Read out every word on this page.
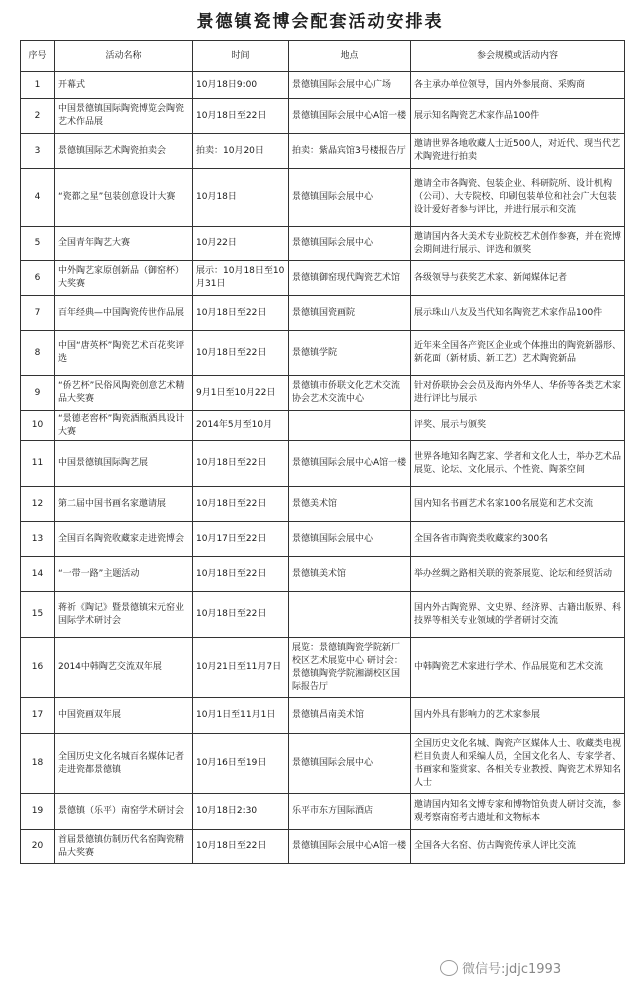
景德镇瓷博会配套活动安排表
序号	活动名称	时间	地点	参会规模或活动内容
1	开幕式	10月18日9:00	景德镇国际会展中心广场	各主承办单位领导，国内外参展商、采购商
2	中国景德镇国际陶瓷博览会陶瓷艺术作品展	10月18日至22日	景德镇国际会展中心A馆一楼	展示知名陶瓷艺术家作品100件
3	景德镇国际艺术陶瓷拍卖会	拍卖：10月20日	拍卖：紫晶宾馆3号楼报告厅	邀请世界各地收藏人士近500人，对近代、现当代艺术陶瓷进行拍卖
4	“瓷都之星”包装创意设计大赛	10月18日	景德镇国际会展中心	邀请全市各陶瓷、包装企业、科研院所、设计机构（公司）、大专院校、印刷包装单位和社会广大包装设计爱好者参与评比，并进行展示和交流
5	全国青年陶艺大赛	10月22日	景德镇国际会展中心	邀请国内各大美术专业院校艺术创作参赛，并在瓷博会期间进行展示、评选和颁奖
6	中外陶艺家原创新品（御窑杯）大奖赛	展示：10月18日至10月31日	景德镇御窑现代陶瓷艺术馆	各级领导与获奖艺术家、新闻媒体记者
7	百年经典—中国陶瓷传世作品展	10月18日至22日	景德镇国瓷画院	展示珠山八友及当代知名陶瓷艺术家作品100件
8	中国“唐英杯”陶瓷艺术百花奖评选	10月18日至22日	景德镇学院	近年来全国各产瓷区企业或个体推出的陶瓷新器形、新花面（新材质、新工艺）艺术陶瓷新品
9	“侨艺杯”民俗风陶瓷创意艺术精品大奖赛	9月1日至10月22日	景德镇市侨联文化艺术交流协会艺术交流中心	针对侨联协会会员及海内外华人、华侨等各类艺术家进行评比与展示
10	“景德老窖杯”陶瓷酒瓶酒具设计大赛	2014年5月至10月		评奖、展示与颁奖
11	中国景德镇国际陶艺展	10月18日至22日	景德镇国际会展中心A馆一楼	世界各地知名陶艺家、学者和文化人士，举办艺术品展览、论坛、文化展示、个性瓷、陶茶空间
12	第二届中国书画名家邀请展	10月18日至22日	景德美术馆	国内知名书画艺术名家100名展览和艺术交流
13	全国百名陶瓷收藏家走进瓷博会	10月17日至22日	景德镇国际会展中心	全国各省市陶瓷类收藏家约300名
14	“一带一路”主题活动	10月18日至22日	景德镇美术馆	举办丝绸之路相关联的瓷茶展览、论坛和经贸活动
15	蒋祈《陶记》暨景德镇宋元窑业国际学术研讨会	10月18日至22日		国内外古陶瓷界、文史界、经济界、古籍出版界、科技界等相关专业领域的学者研讨交流
16	2014中韩陶艺交流双年展	10月21日至11月7日	展览：景德镇陶瓷学院新厂校区艺术展览中心 研讨会：景德镇陶瓷学院湘湖校区国际报告厅	中韩陶瓷艺术家进行学术、作品展览和艺术交流
17	中国瓷画双年展	10月1日至11月1日	景德镇昌南美术馆	国内外具有影响力的艺术家参展
18	全国历史文化名城百名媒体记者走进瓷都景德镇	10月16日至19日	景德镇国际会展中心	全国历史文化名城、陶瓷产区媒体人士、收藏类电视栏目负责人和采编人员，全国文化名人、专家学者、书画家和鉴赏家、各相关专业教授、陶瓷艺术界知名人士
19	景德镇（乐平）南窑学术研讨会	10月18日2:30	乐平市东方国际酒店	邀请国内知名文博专家和博物馆负责人研讨交流，参观考察南窑考古遗址和文物标本
20	首届景德镇仿制历代名窑陶瓷精品大奖赛	10月18日至22日	景德镇国际会展中心A馆一楼	全国各大名窑、仿古陶瓷传承人评比交流
微信号:jdjc1993
